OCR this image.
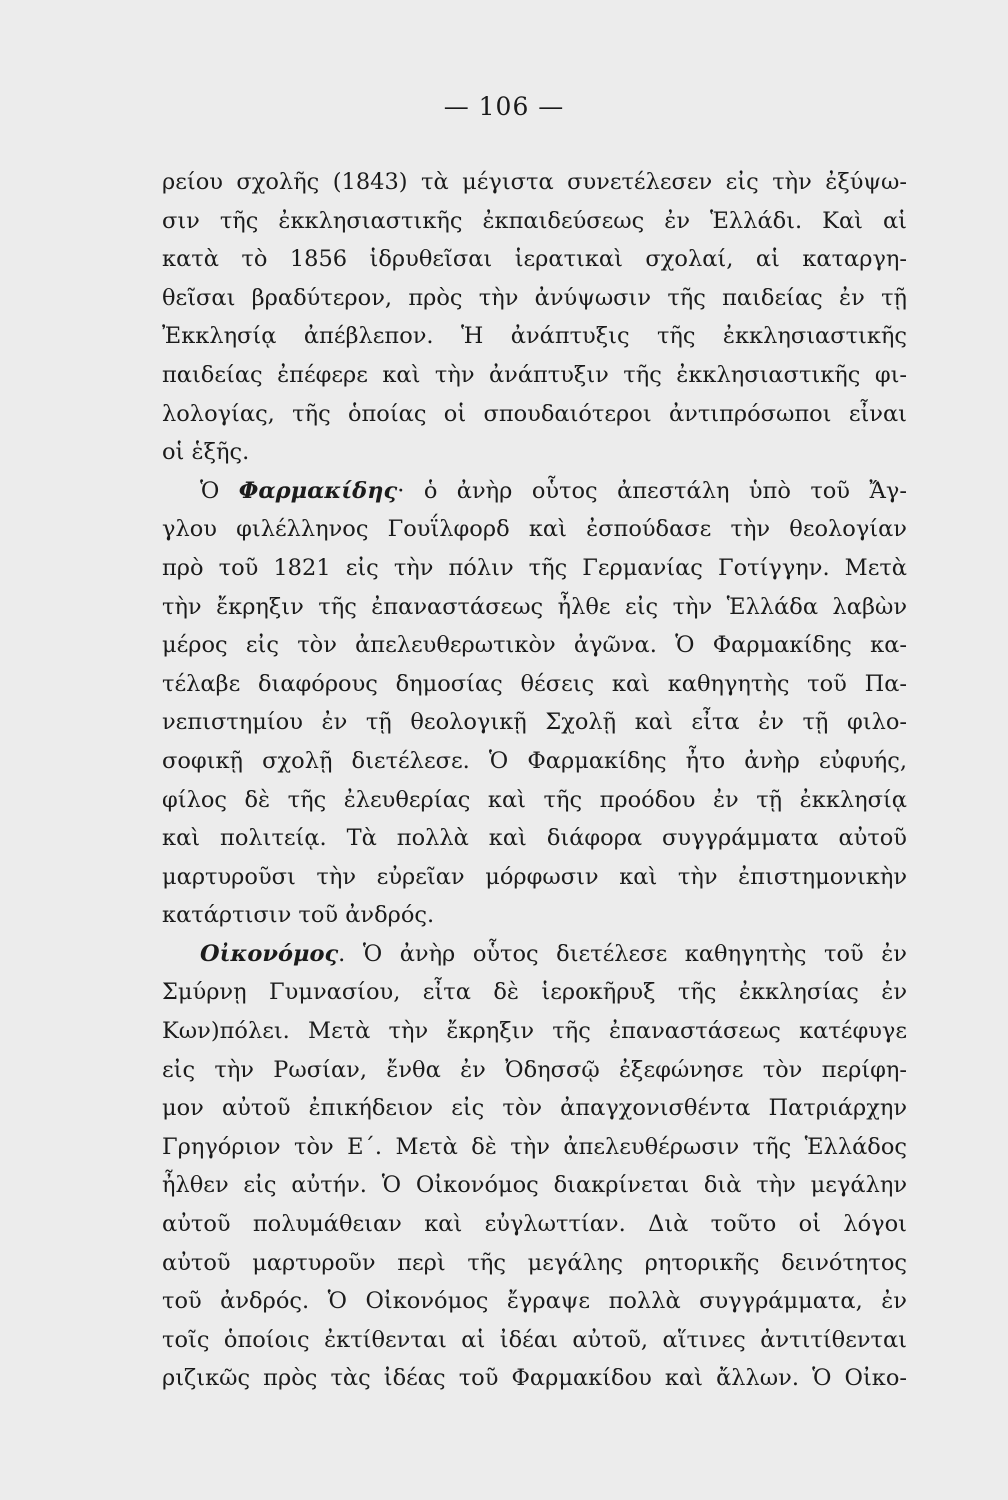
— 106 —
ρείου σχολῆς (1843) τὰ μέγιστα συνετέλεσεν εἰς τὴν ἐξύψω-
σιν τῆς ἐκκλησιαστικῆς ἐκπαιδεύσεως ἐν Ἑλλάδι. Καὶ αἱ
κατὰ τὸ 1856 ἱδρυθεῖσαι ἱερατικαὶ σχολαί, αἱ καταργη-
θεῖσαι βραδύτερον, πρὸς τὴν ἀνύψωσιν τῆς παιδείας ἐν τῇ
Ἐκκλησίᾳ ἀπέβλεπον. Ἡ ἀνάπτυξις τῆς ἐκκλησιαστικῆς
παιδείας ἐπέφερε καὶ τὴν ἀνάπτυξιν τῆς ἐκκλησιαστικῆς φι-
λολογίας, τῆς ὁποίας οἱ σπουδαιότεροι ἀντιπρόσωποι εἶναι
οἱ ἑξῆς.
Ὁ Φαρμακίδης· ὁ ἀνὴρ οὗτος ἀπεστάλη ὑπὸ τοῦ Ἄγ-
γλου φιλέλληνος Γουΐλφορδ καὶ ἐσπούδασε τὴν θεολογίαν
πρὸ τοῦ 1821 εἰς τὴν πόλιν τῆς Γερμανίας Γοτίγγην. Μετὰ
τὴν ἔκρηξιν τῆς ἐπαναστάσεως ἦλθε εἰς τὴν Ἑλλάδα λαβὼν
μέρος εἰς τὸν ἀπελευθερωτικὸν ἀγῶνα. Ὁ Φαρμακίδης κα-
τέλαβε διαφόρους δημοσίας θέσεις καὶ καθηγητὴς τοῦ Πα-
νεπιστημίου ἐν τῇ θεολογικῇ Σχολῇ καὶ εἶτα ἐν τῇ φιλο-
σοφικῇ σχολῇ διετέλεσε. Ὁ Φαρμακίδης ἦτο ἀνὴρ εὐφυής,
φίλος δὲ τῆς ἐλευθερίας καὶ τῆς προόδου ἐν τῇ ἐκκλησίᾳ
καὶ πολιτείᾳ. Τὰ πολλὰ καὶ διάφορα συγγράμματα αὐτοῦ
μαρτυροῦσι τὴν εὐρεῖαν μόρφωσιν καὶ τὴν ἐπιστημονικὴν
κατάρτισιν τοῦ ἀνδρός.
Οἰκονόμος. Ὁ ἀνὴρ οὗτος διετέλεσε καθηγητὴς τοῦ ἐν
Σμύρνῃ Γυμνασίου, εἶτα δὲ ἱεροκῆρυξ τῆς ἐκκλησίας ἐν
Κων)πόλει. Μετὰ τὴν ἔκρηξιν τῆς ἐπαναστάσεως κατέφυγε
εἰς τὴν Ρωσίαν, ἔνθα ἐν Ὀδησσῷ ἐξεφώνησε τὸν περίφη-
μον αὐτοῦ ἐπικήδειον εἰς τὸν ἀπαγχονισθέντα Πατριάρχην
Γρηγόριον τὸν Ε΄. Μετὰ δὲ τὴν ἀπελευθέρωσιν τῆς Ἑλλάδος
ἦλθεν εἰς αὐτήν. Ὁ Οἰκονόμος διακρίνεται διὰ τὴν μεγάλην
αὐτοῦ πολυμάθειαν καὶ εὐγλωττίαν. Διὰ τοῦτο οἱ λόγοι
αὐτοῦ μαρτυροῦν περὶ τῆς μεγάλης ρητορικῆς δεινότητος
τοῦ ἀνδρός. Ὁ Οἰκονόμος ἔγραψε πολλὰ συγγράμματα, ἐν
τοῖς ὁποίοις ἐκτίθενται αἱ ἰδέαι αὐτοῦ, αἵτινες ἀντιτίθενται
ριζικῶς πρὸς τὰς ἰδέας τοῦ Φαρμακίδου καὶ ἄλλων. Ὁ Οἰκο-
